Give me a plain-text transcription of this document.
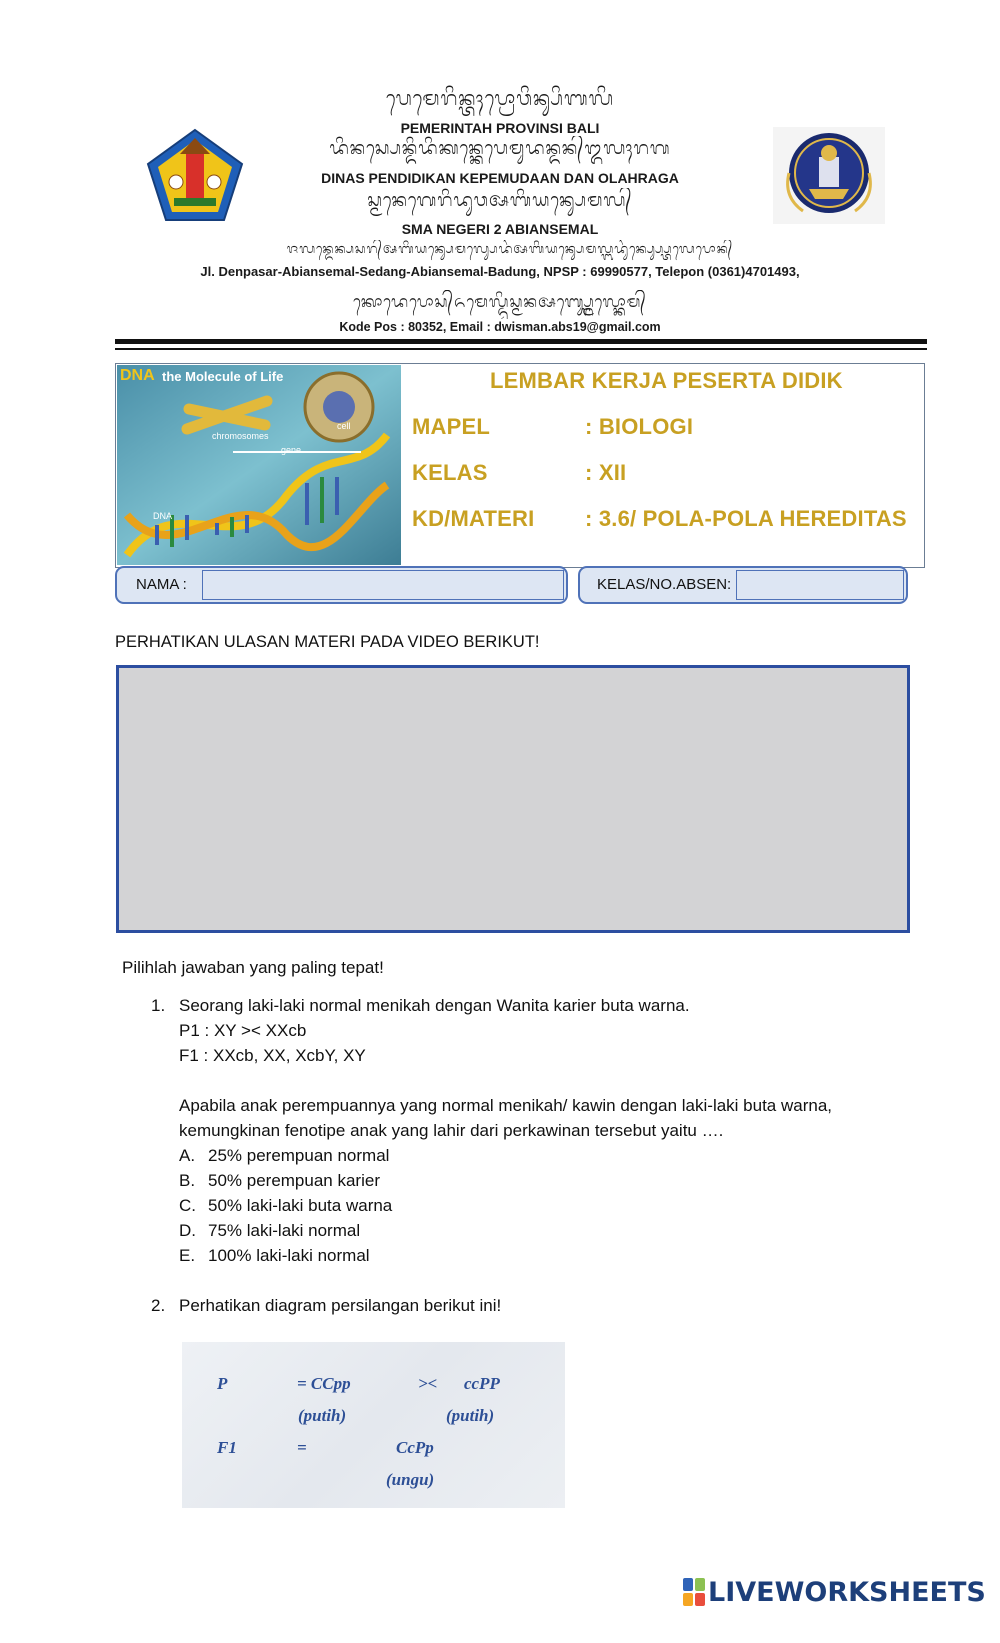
ᬧᬾᬫᬾᬭᬶᬦ᭄ᬢᬄᬧ᭄ᬭᭀᬯᬶᬦ᭄ᬲᬶᬩᬮᬶ
PEMERINTAH PROVINSI BALI
ᬤᬶᬦᬲ᭄ᬧᬾᬦ᭄ᬤᬶᬤᬶᬓᬦ᭄ᬓᬾᬧᬾᬫᬸᬤᬦ᭄ᬤᬦ᭄ᬑᬮᬄᬭᬕ
DINAS PENDIDIKAN KEPEMUDAAN DAN OLAHRAGA
ᬲ᭄ᬫᬦᬾᬕᬾᬭᬶᬤᬸᬯᬅᬩᬶᬬᬦ᭄ᬲᬾᬫᬮ᭄
SMA NEGERI 2 ABIANSEMAL
ᬚᬮᬦ᭄ᬤᬾᬦ᭄ᬧᬲᬭ᭄ᬅᬩᬶᬬᬦ᭄ᬲᬾᬫᬮ᭄ᬲᬾᬤᬂᬅᬩᬶᬬᬦ᭄ᬲᬾᬫᬮ᭄ᬩᬤᬸᬂᬦ᭄ᬧ᭄ᬲ᭄ᬧ᭄ᬢᬾᬮᬾᬧᭀᬦ᭄
Jl. Denpasar-Abiansemal-Sedang-Abiansemal-Badung, NPSP : 69990577, Telepon (0361)4701493,
ᬓᭀᬤᬾᬧᭀᬲ᭄ᬏᬫᬾᬮ᭄ᬤ᭄ᬯᬶᬲ᭄ᬫᬦᬅᬩ᭄ᬲ᭄ᬕ᭄ᬫᬾᬮ᭄ᬓᭀᬫ᭄
Kode Pos : 80352, Email : dwisman.abs19@gmail.com
DNA the Molecule of Life
chromosomes
gene
cell
DNA
LEMBAR KERJA PESERTA DIDIK
MAPEL	: BIOLOGI
KELAS	: XII
KD/MATERI : 3.6/ POLA-POLA HEREDITAS
NAMA :	KELAS/NO.ABSEN:
PERHATIKAN ULASAN MATERI PADA VIDEO BERIKUT!
Pilihlah jawaban yang paling tepat!
1. Seorang laki-laki normal menikah dengan Wanita karier buta warna.
P1 : XY >< XXcb
F1 : XXcb, XX, XcbY, XY
Apabila anak perempuannya yang normal menikah/ kawin dengan laki-laki buta warna,
kemungkinan fenotipe anak yang lahir dari perkawinan tersebut yaitu ….
A. 25% perempuan normal
B. 50% perempuan karier
C. 50% laki-laki buta warna
D. 75% laki-laki normal
E. 100% laki-laki normal
2. Perhatikan diagram persilangan berikut ini!
P	= CCpp	>< ccPP
(putih)	(putih)
F1	=	CcPp
(ungu)
LIVEWORKSHEETS
